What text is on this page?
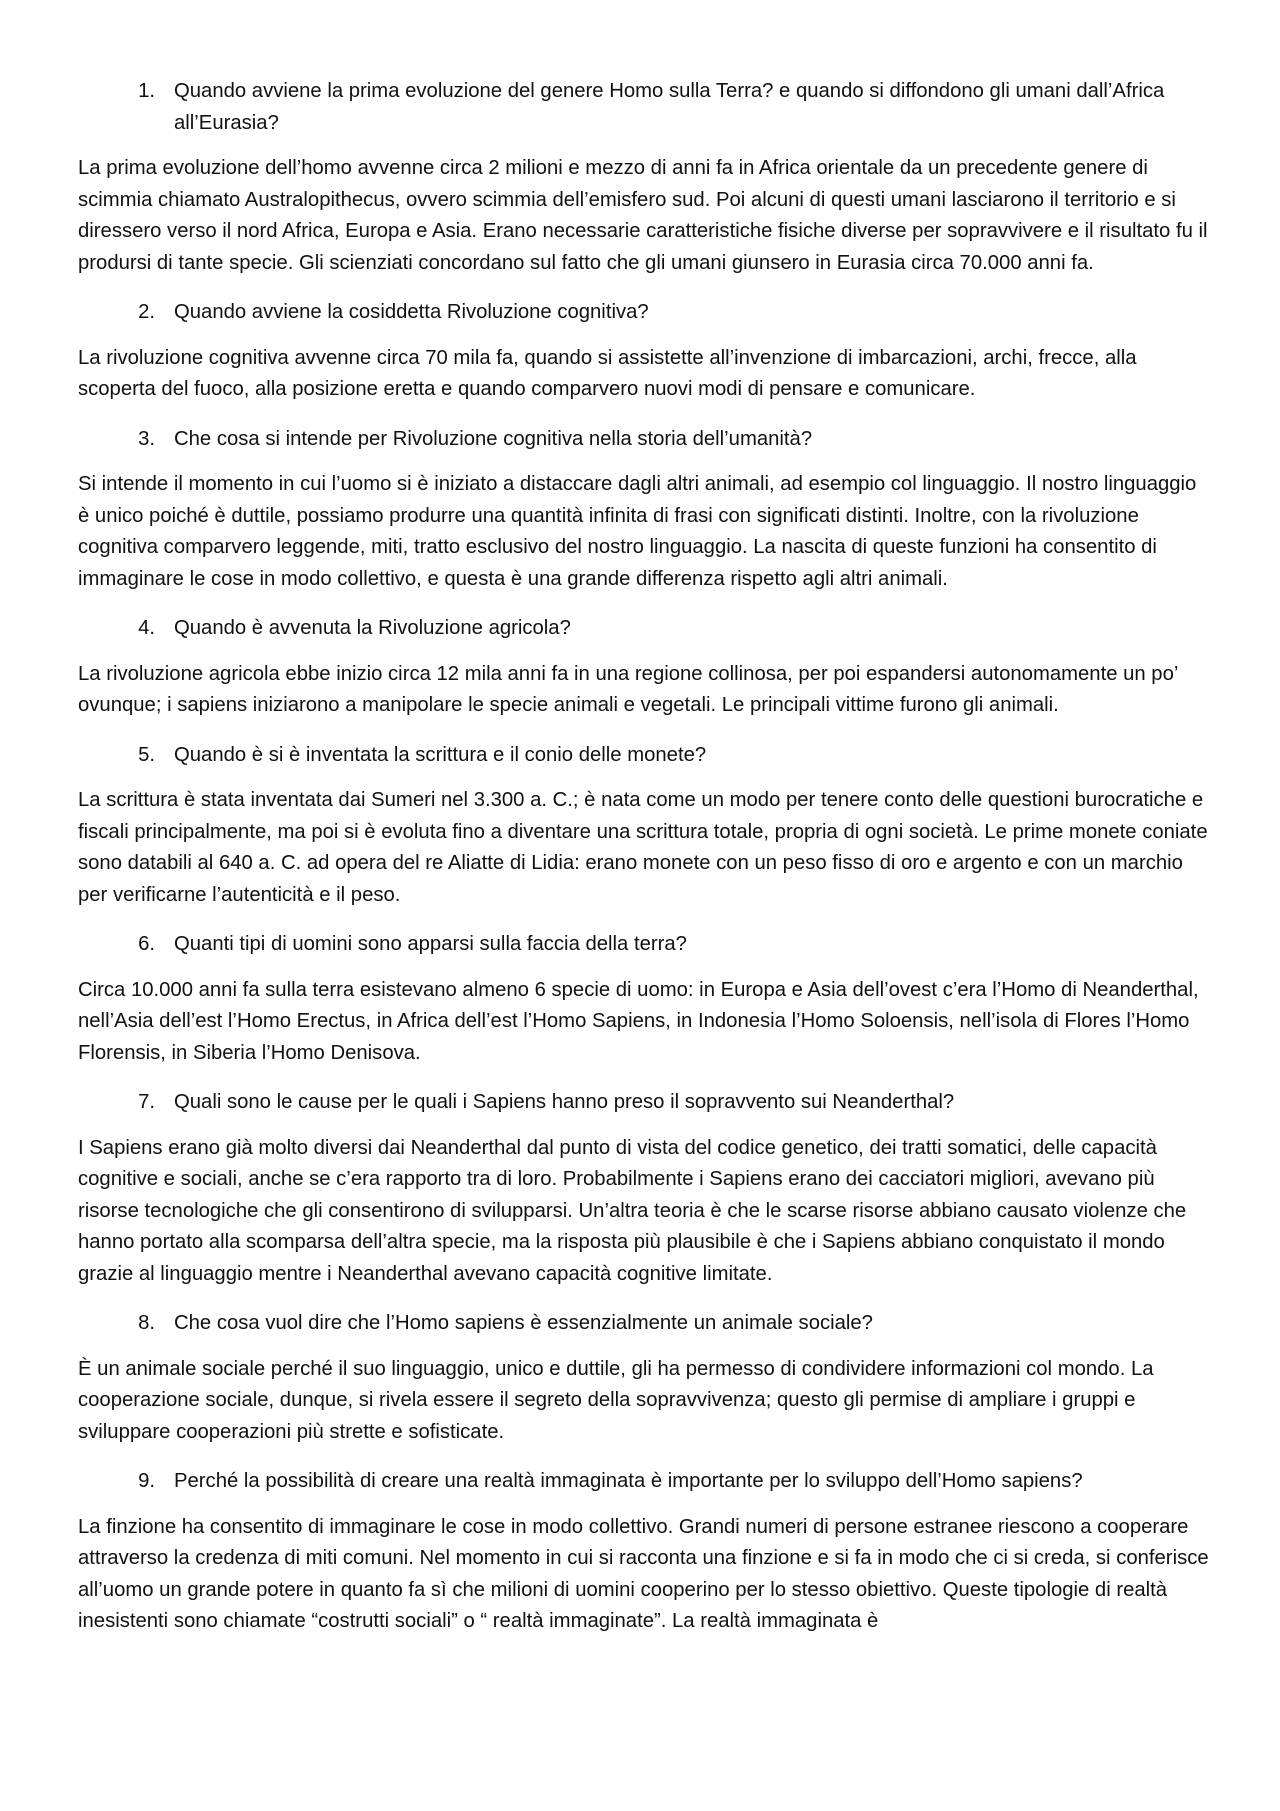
1. Quando avviene la prima evoluzione del genere Homo sulla Terra? e quando si diffondono gli umani dall’Africa all’Eurasia?

La prima evoluzione dell’homo avvenne circa 2 milioni e mezzo di anni fa in Africa orientale da un precedente genere di scimmia chiamato Australopithecus, ovvero scimmia dell’emisfero sud. Poi alcuni di questi umani lasciarono il territorio e si diressero verso il nord Africa, Europa e Asia. Erano necessarie caratteristiche fisiche diverse per sopravvivere e il risultato fu il prodursi di tante specie. Gli scienziati concordano sul fatto che gli umani giunsero in Eurasia circa 70.000 anni fa.

2. Quando avviene la cosiddetta Rivoluzione cognitiva?

La rivoluzione cognitiva avvenne circa 70 mila fa, quando si assistette all’invenzione di imbarcazioni, archi, frecce, alla scoperta del fuoco, alla posizione eretta e quando comparvero nuovi modi di pensare e comunicare.

3. Che cosa si intende per Rivoluzione cognitiva nella storia dell’umanità?

Si intende il momento in cui l’uomo si è iniziato a distaccare dagli altri animali, ad esempio col linguaggio. Il nostro linguaggio è unico poiché è duttile, possiamo produrre una quantità infinita di frasi con significati distinti. Inoltre, con la rivoluzione cognitiva comparvero leggende, miti, tratto esclusivo del nostro linguaggio. La nascita di queste funzioni ha consentito di immaginare le cose in modo collettivo, e questa è una grande differenza rispetto agli altri animali.

4. Quando è avvenuta la Rivoluzione agricola?

La rivoluzione agricola ebbe inizio circa 12 mila anni fa in una regione collinosa, per poi espandersi autonomamente un po’ ovunque; i sapiens iniziarono a manipolare le specie animali e vegetali. Le principali vittime furono gli animali.

5. Quando è si è inventata la scrittura e il conio delle monete?

La scrittura è stata inventata dai Sumeri nel 3.300 a. C.; è nata come un modo per tenere conto delle questioni burocratiche e fiscali principalmente, ma poi si è evoluta fino a diventare una scrittura totale, propria di ogni società. Le prime monete coniate sono databili al 640 a. C. ad opera del re Aliatte di Lidia: erano monete con un peso fisso di oro e argento e con un marchio per verificarne l’autenticità e il peso.

6. Quanti tipi di uomini sono apparsi sulla faccia della terra?

Circa 10.000 anni fa sulla terra esistevano almeno 6 specie di uomo: in Europa e Asia dell’ovest c’era l’Homo di Neanderthal, nell’Asia dell’est l’Homo Erectus, in Africa dell’est l’Homo Sapiens, in Indonesia l’Homo Soloensis, nell’isola di Flores l’Homo Florensis, in Siberia l’Homo Denisova.

7. Quali sono le cause per le quali i Sapiens hanno preso il sopravvento sui Neanderthal?

I Sapiens erano già molto diversi dai Neanderthal dal punto di vista del codice genetico, dei tratti somatici, delle capacità cognitive e sociali, anche se c’era rapporto tra di loro. Probabilmente i Sapiens erano dei cacciatori migliori, avevano più risorse tecnologiche che gli consentirono di svilupparsi. Un’altra teoria è che le scarse risorse abbiano causato violenze che hanno portato alla scomparsa dell’altra specie, ma la risposta più plausibile è che i Sapiens abbiano conquistato il mondo grazie al linguaggio mentre i Neanderthal avevano capacità cognitive limitate.

8. Che cosa vuol dire che l’Homo sapiens è essenzialmente un animale sociale?

È un animale sociale perché il suo linguaggio, unico e duttile, gli ha permesso di condividere informazioni col mondo. La cooperazione sociale, dunque, si rivela essere il segreto della sopravvivenza; questo gli permise di ampliare i gruppi e sviluppare cooperazioni più strette e sofisticate.

9. Perché la possibilità di creare una realtà immaginata è importante per lo sviluppo dell’Homo sapiens?

La finzione ha consentito di immaginare le cose in modo collettivo. Grandi numeri di persone estranee riescono a cooperare attraverso la credenza di miti comuni. Nel momento in cui si racconta una finzione e si fa in modo che ci si creda, si conferisce all’uomo un grande potere in quanto fa sì che milioni di uomini cooperino per lo stesso obiettivo. Queste tipologie di realtà inesistenti sono chiamate “costrutti sociali” o “ realtà immaginate”. La realtà immaginata è
